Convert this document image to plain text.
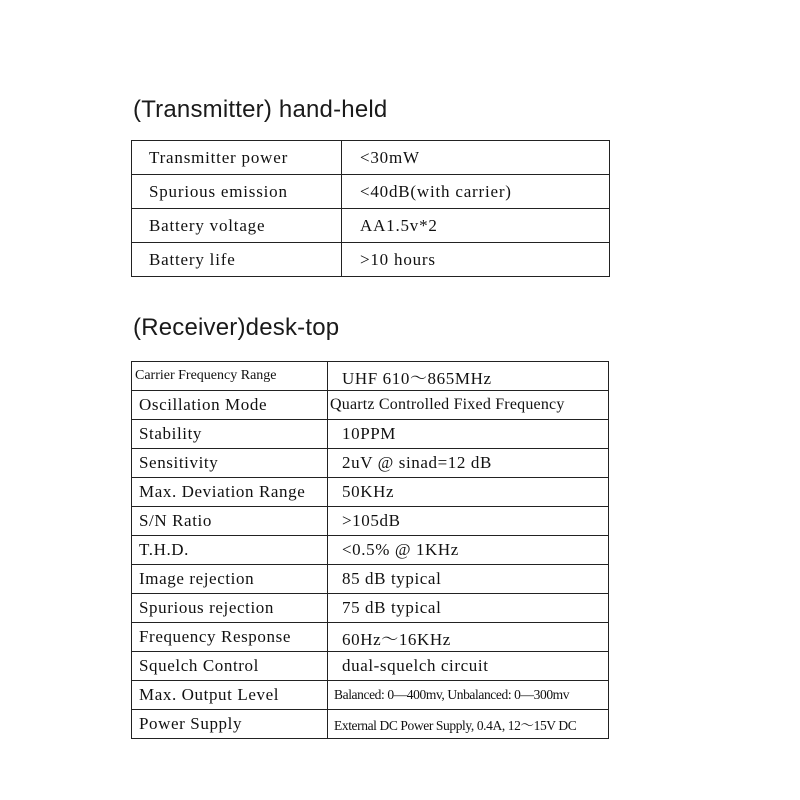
(Transmitter) hand-held
Transmitter power	<30mW
Spurious emission	<40dB(with carrier)
Battery voltage	AA1.5v*2
Battery life	>10 hours
(Receiver)desk-top
Carrier Frequency Range	UHF 610～865MHz
Oscillation Mode	Quartz Controlled Fixed Frequency
Stability	10PPM
Sensitivity	2uV @ sinad=12 dB
Max. Deviation Range	50KHz
S/N Ratio	>105dB
T.H.D.	<0.5% @ 1KHz
Image rejection	85 dB typical
Spurious rejection	75 dB typical
Frequency Response	60Hz～16KHz
Squelch Control	dual-squelch circuit
Max. Output Level	Balanced: 0—400mv, Unbalanced: 0—300mv
Power Supply	External DC Power Supply, 0.4A, 12～15V DC
